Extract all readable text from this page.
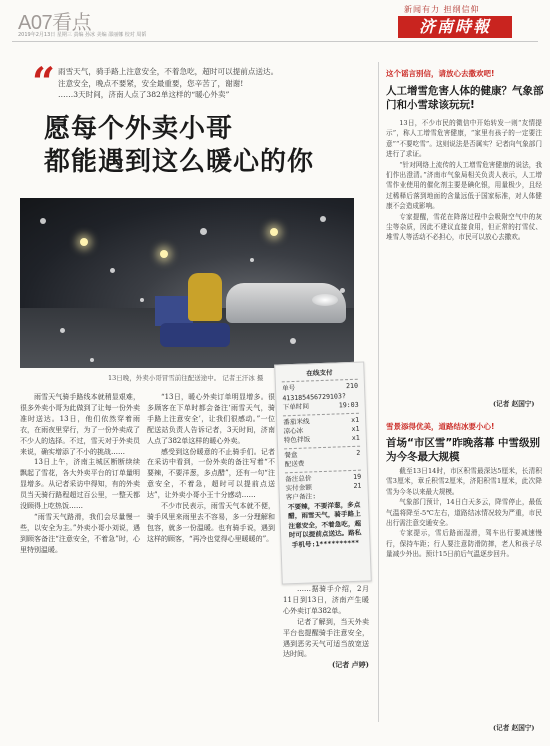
A07看点
2019年2月13日 星期三 责编 孙冰 美编 邵丽娜 校对 周韬
新闻有力 担纲信仰
济南時報
“ 雨雪天气，骑手路上注意安全，不着急吃，超时可以提前点送达。

注意安全，晚点不要紧，安全最重要，您辛苦了，谢谢!

……3天时间，济南人点了382单这样的“暖心外卖”

愿每个外卖小哥
都能遇到这么暖心的你
13日晚，外卖小哥冒雪前往配送途中。 记者王汗冰 摄
在线支付
单号	210
413185456729103?
下单时间	19:03
番茄米线	x1
凉心冰	x1
特色拌饭	x1
餐盒	2
配送费
备注总价	19
实付金额	21
客户备注:
不要辣，不要洋葱，多点醋，雨雪天气，骑手路上注意安全，不着急吃，超时可以提前点送达。路私手机号:1**********

雨雪天气骑手路线本就稍显艰难，很多外卖小哥为此做到了让每一份外卖准时送达。13日，他们依然穿着雨衣，在雨夜里穿行，为了一份外卖成了不少人的选择。不过，雪天对于外卖员来说，确实增添了不小的挑战……

13日上午，济南主城区断断续续飘起了雪花，各大外卖平台的订单量明显增多。从记者采访中得知，有的外卖员当天骑行路程超过百公里，一整天都没顾得上吃热饭……

“雨雪天气路滑，我们会尽量慢一些，以安全为主。”外卖小哥小刘说，遇到顾客备注“注意安全，不着急”时，心里特别温暖。

“13日，暖心外卖订单明显增多。很多顾客在下单时都会备注‘雨雪天气，骑手路上注意安全’，让我们很感动。”一位配送站负责人告诉记者，3天时间，济南人点了382单这样的暖心外卖。

感受到这份暖意的不止骑手们。记者在采访中看到，一份外卖的备注写着“不要辣，不要洋葱，多点醋”，还有一句“注意安全，不着急，超时可以提前点送达”，让外卖小哥小王十分感动……

不少市民表示，雨雪天气本就不便，骑手风里来雨里去不容易，多一分理解和包容，就多一份温暖。也有骑手说，遇到这样的顾客，“再冷也觉得心里暖暖的”。

……据骑手介绍，2月11日到13日，济南产生暖心外卖订单382单。

记者了解到，当天外卖平台也提醒骑手注意安全，遇到恶劣天气可适当放宽送达时间。

(记者 卢婷)
这个谣言别信，请放心去撒欢吧!
人工增雪危害人体的健康？气象部门和小雪球该玩玩!

13日，不少市民的微信中开始转发一则“友情提示”，称人工增雪危害健康，“家里有孩子的一定要注意”“不要吃雪”。这则说法是否属实？记者向气象部门进行了求证。

“针对网络上流传的人工增雪危害健康的说法，我们作出澄清。”济南市气象局相关负责人表示，人工增雪作业使用的催化剂主要是碘化银，用量极少，且经过稀释后落到地面的含量远低于国家标准，对人体健康不会造成影响。

专家提醒，雪花在降落过程中会吸附空气中的灰尘等杂质，因此不建议直接食用，但正常的打雪仗、堆雪人等活动不必担心，市民可以放心去撒欢。

(记者 赵国宁)
雪景添得优美，道路结冰要小心!
首场“市区雪”昨晚落幕 中雪级别为今冬最大规模

截至13日14时，市区积雪最深达5厘米，长清积雪3厘米，章丘积雪2厘米，济阳积雪1厘米，此次降雪为今冬以来最大规模。

气象部门预计，14日白天多云，降雪停止，最低气温将降至-5℃左右，道路结冰情况较为严重，市民出行需注意交通安全。

专家提示，雪后路面湿滑，驾车出行要减速慢行，保持车距；行人要注意防滑防摔，老人和孩子尽量减少外出。预计15日前后气温逐步回升。

(记者 赵国宁)
